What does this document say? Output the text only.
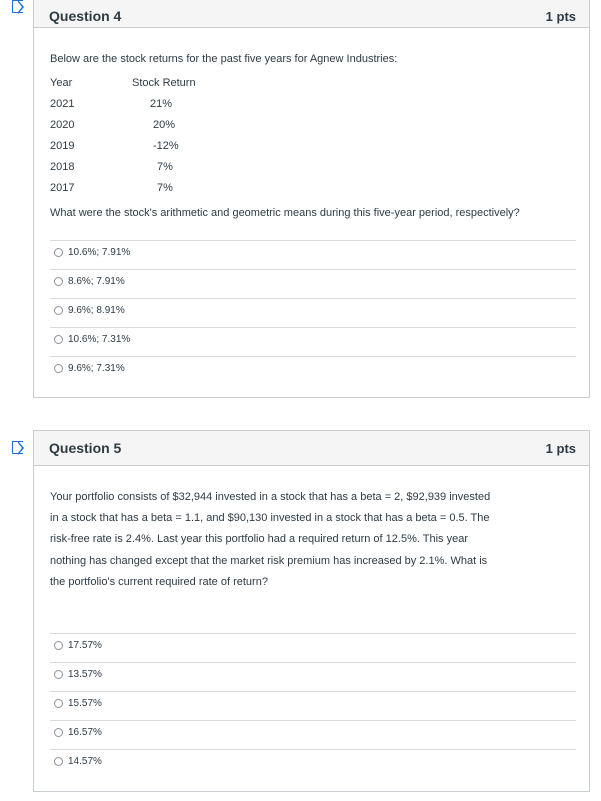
Question 4	1 pts
Below are the stock returns for the past five years for Agnew Industries:
Year	Stock Return
2021	21%
2020	20%
2019	-12%
2018	7%
2017	7%
What were the stock's arithmetic and geometric means during this five-year period, respectively?
10.6%; 7.91%
8.6%; 7.91%
9.6%; 8.91%
10.6%; 7.31%
9.6%; 7.31%
Question 5	1 pts
Your portfolio consists of $32,944 invested in a stock that has a beta = 2, $92,939 invested in a stock that has a beta = 1.1, and $90,130 invested in a stock that has a beta = 0.5. The risk-free rate is 2.4%. Last year this portfolio had a required return of 12.5%. This year nothing has changed except that the market risk premium has increased by 2.1%. What is the portfolio's current required rate of return?
17.57%
13.57%
15.57%
16.57%
14.57%
